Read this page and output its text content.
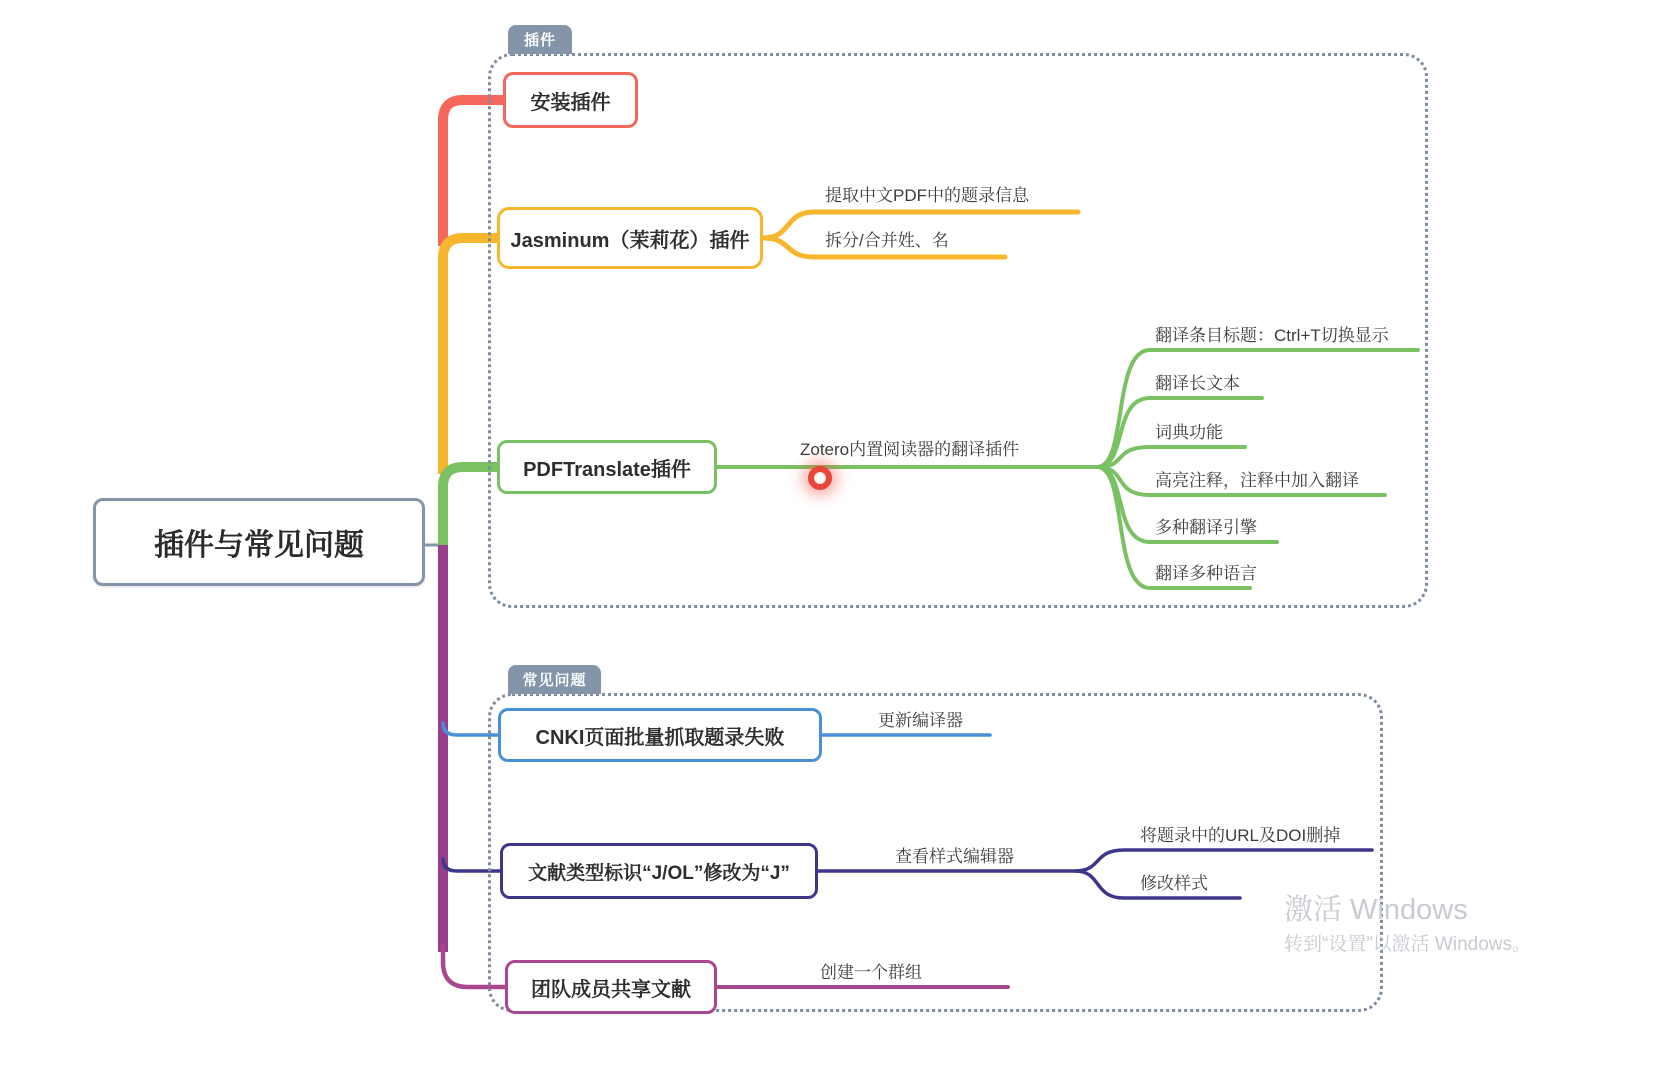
插件
常见问题
插件与常见问题
安装插件
Jasminum（茉莉花）插件
PDFTranslate插件
提取中文PDF中的题录信息
拆分/合并姓、名
Zotero内置阅读器的翻译插件
翻译条目标题：Ctrl+T切换显示
翻译长文本
词典功能
高亮注释，注释中加入翻译
多种翻译引擎
翻译多种语言
CNKI页面批量抓取题录失败
文献类型标识“J/OL”修改为“J”
团队成员共享文献
更新编译器
查看样式编辑器
将题录中的URL及DOI删掉
修改样式
创建一个群组
激活 Windows
转到“设置”以激活 Windows。
